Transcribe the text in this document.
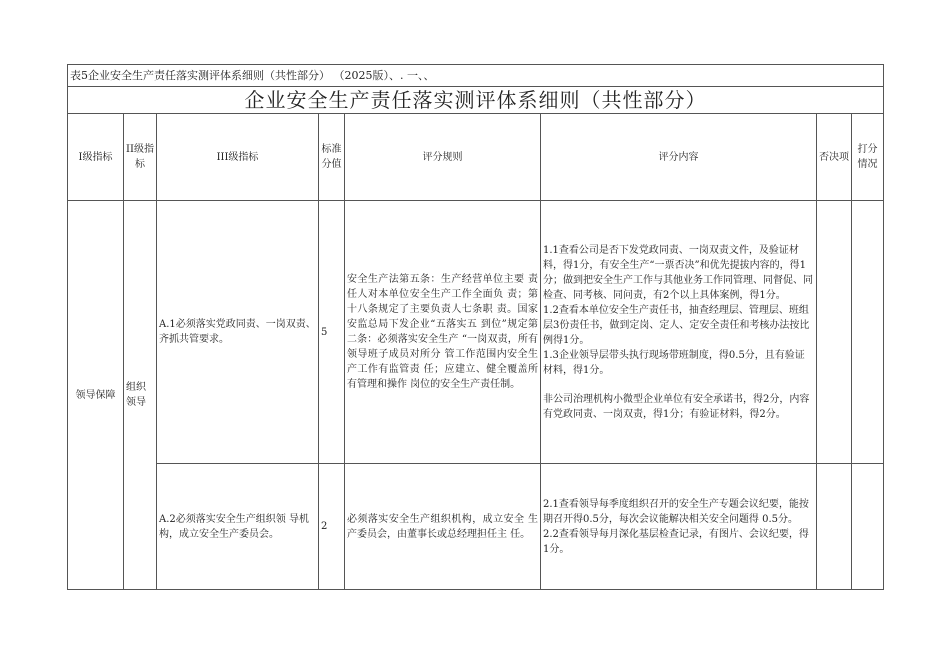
表5企业安全生产责任落实测评体系细则（共性部分） （2025版）、. 一、、							
企业安全生产责任落实测评体系细则（共性部分）							
I级指标	II级指标	III级指标	标准分值	评分规则	评分内容	否决项	打分情况
领导保障	组织领导	A.1必须落实党政同责、一岗双责、齐抓共管要求。	5	安全生产法第五条：生产经营单位主要 责任人对本单位安全生产工作全面负 责；第十八条规定了主要负责人七条职 责。国家安监总局下发企业“五落实五 到位”规定第二条：必须落实安全生产 “一岗双责，所有领导班子成员对所分 管工作范围内安全生产工作有监管责 任；应建立、健全覆盖所有管理和操作 岗位的安全生产责任制。	1.1查看公司是否下发党政同责、一岗双责文件，及验证材料，得1分，有安全生产“一票否决”和优先提拔内容的，得1分；做到把安全生产工作与其他业务工作同管理、同督促、同检查、同考核、同问责，有2个以上具体案例，得1分。

1.2查看本单位安全生产责任书，抽查经理层、管理层、班组层3份责任书，做到定岗、定人、定安全责任和考核办法按比例得1分。

1.3企业领导层带头执行现场带班制度，得0.5分，且有验证材料，得1分。

非公司治理机构小微型企业单位有安全承诺书，得2分，内容有党政同责、一岗双责，得1分；有验证材料，得2分。		

		A.2必须落实安全生产组织领 导机构，成立安全生产委员会。	2	必须落实安全生产组织机构，成立安全 生产委员会，由董事长或总经理担任主 任。	2.1查看领导每季度组织召开的安全生产专题会议纪要，能按期召开得0.5分，每次会议能解决相关安全问题得 0.5分。

2.2查看领导每月深化基层检查记录，有图片、会议纪要，得1分。		
